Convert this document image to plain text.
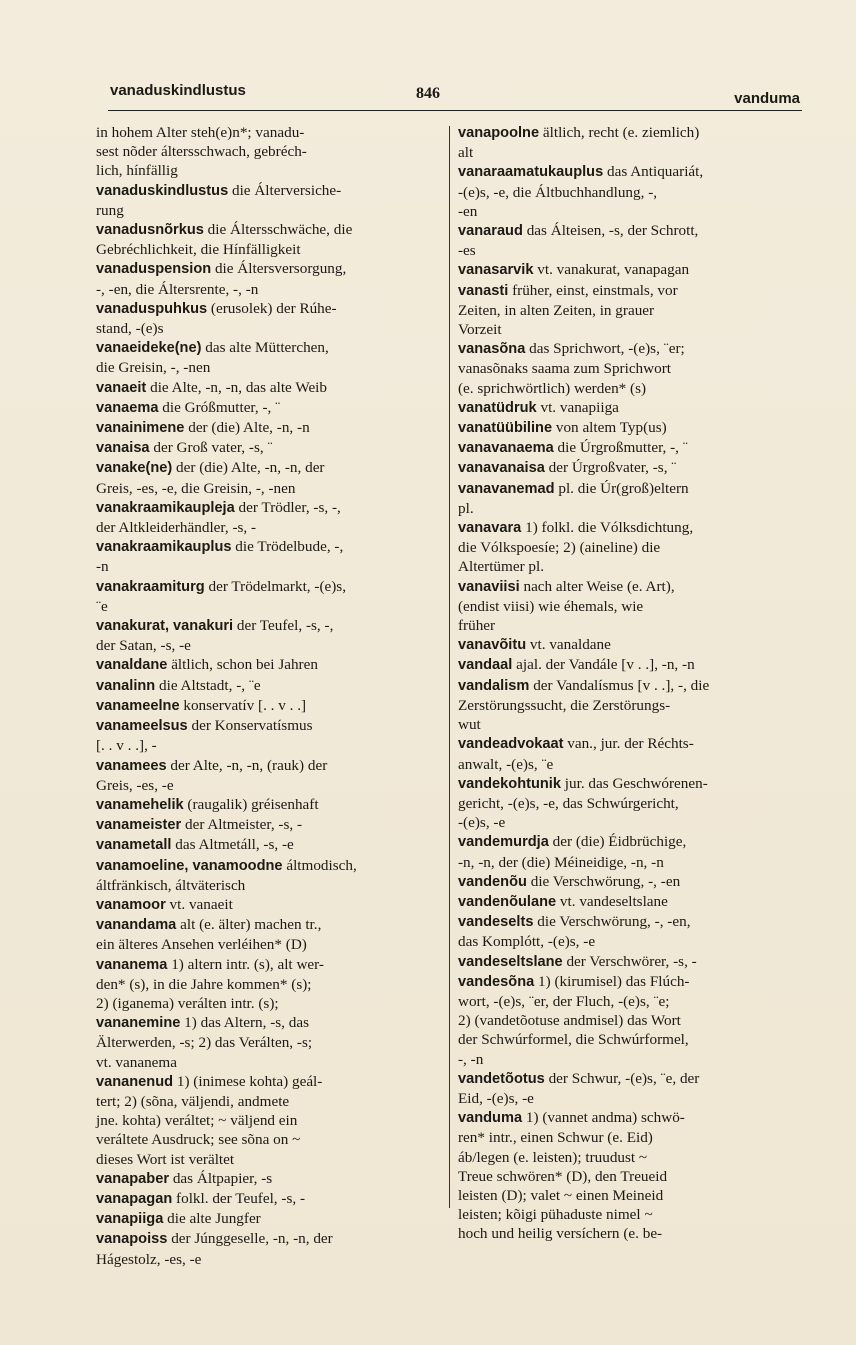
vanaduskindlustus	846	vanduma
in hohem Alter steh(e)n*; vanadu-
sest nõder áltersschwach, gebréch-
lich, hínfällig
vanaduskindlustus die Álterversiche-
rung
vanadusnõrkus die Áltersschwäche, die
Gebréchlichkeit, die Hínfälligkeit
vanaduspension die Áltersversorgung,
-, -en, die Áltersrente, -, -n
vanaduspuhkus (erusolek) der Rúhe-
stand, -(e)s
vanaeideke(ne) das alte Mütterchen,
die Greisin, -, -nen
vanaeit die Alte, -n, -n, das alte Weib
vanaema die Gróßmutter, -, ¨
vanainimene der (die) Alte, -n, -n
vanaisa der Groß vater, -s, ¨
vanake(ne) der (die) Alte, -n, -n, der
Greis, -es, -e, die Greisin, -, -nen
vanakraamikaupleja der Trödler, -s, -,
der Altkleiderhändler, -s, -
vanakraamikauplus die Trödelbude, -,
-n
vanakraamiturg der Trödelmarkt, -(e)s,
¨e
vanakurat, vanakuri der Teufel, -s, -,
der Satan, -s, -e
vanaldane ältlich, schon bei Jahren
vanalinn die Altstadt, -, ¨e
vanameelne konservatív [. . v . .]
vanameelsus der Konservatísmus
[. . v . .], -
vanamees der Alte, -n, -n, (rauk) der
Greis, -es, -e
vanamehelik (raugalik) gréisenhaft
vanameister der Altmeister, -s, -
vanametall das Altmetáll, -s, -e
vanamoeline, vanamoodne áltmodisch,
áltfränkisch, áltväterisch
vanamoor vt. vanaeit
vanandama alt (e. älter) machen tr.,
ein älteres Ansehen verléihen* (D)
vananema 1) altern intr. (s), alt wer-
den* (s), in die Jahre kommen* (s);
2) (iganema) verálten intr. (s);
vananemine 1) das Altern, -s, das
Älterwerden, -s; 2) das Verálten, -s;
vt. vananema
vananenud 1) (inimese kohta) geál-
tert; 2) (sõna, väljendi, andmete
jne. kohta) veráltet; ~ väljend ein
veráltete Ausdruck; see sõna on ~
dieses Wort ist verältet
vanapaber das Áltpapier, -s
vanapagan folkl. der Teufel, -s, -
vanapiiga die alte Jungfer
vanapoiss der Júnggeselle, -n, -n, der
Hágestolz, -es, -e
vanapoolne ältlich, recht (e. ziemlich)
alt
vanaraamatukauplus das Antiquariát,
-(e)s, -e, die Áltbuchhandlung, -,
-en
vanaraud das Álteisen, -s, der Schrott,
-es
vanasarvik vt. vanakurat, vanapagan
vanasti früher, einst, einstmals, vor
Zeiten, in alten Zeiten, in grauer
Vorzeit
vanasõna das Sprichwort, -(e)s, ¨er;
vanasõnaks saama zum Sprichwort
(e. sprichwörtlich) werden* (s)
vanatüdruk vt. vanapiiga
vanatüübiline von altem Typ(us)
vanavanaema die Úrgroßmutter, -, ¨
vanavanaisa der Úrgroßvater, -s, ¨
vanavanemad pl. die Úr(groß)eltern
pl.
vanavara 1) folkl. die Vólksdichtung,
die Vólkspoesíe; 2) (aineline) die
Altertümer pl.
vanaviisi nach alter Weise (e. Art),
(endist viisi) wie éhemals, wie
früher
vanavõitu vt. vanaldane
vandaal ajal. der Vandále [v . .], -n, -n
vandalism der Vandalísmus [v . .], -, die
Zerstörungssucht, die Zerstörungs-
wut
vandeadvokaat van., jur. der Réchts-
anwalt, -(e)s, ¨e
vandekohtunik jur. das Geschwórenen-
gericht, -(e)s, -e, das Schwúrgericht,
-(e)s, -e
vandemurdja der (die) Éidbrüchige,
-n, -n, der (die) Méineidige, -n, -n
vandenõu die Verschwörung, -, -en
vandenõulane vt. vandeseltslane
vandeselts die Verschwörung, -, -en,
das Komplótt, -(e)s, -e
vandeseltslane der Verschwörer, -s, -
vandesõna 1) (kirumisel) das Flúch-
wort, -(e)s, ¨er, der Fluch, -(e)s, ¨e;
2) (vandetõotuse andmisel) das Wort
der Schwúrformel, die Schwúrformel,
-, -n
vandetõotus der Schwur, -(e)s, ¨e, der
Eid, -(e)s, -e
vanduma 1) (vannet andma) schwö-
ren* intr., einen Schwur (e. Eid)
áb/legen (e. leisten); truudust ~
Treue schwören* (D), den Treueid
leisten (D); valet ~ einen Meineid
leisten; kõigi pühaduste nimel ~
hoch und heilig versíchern (e. be-
